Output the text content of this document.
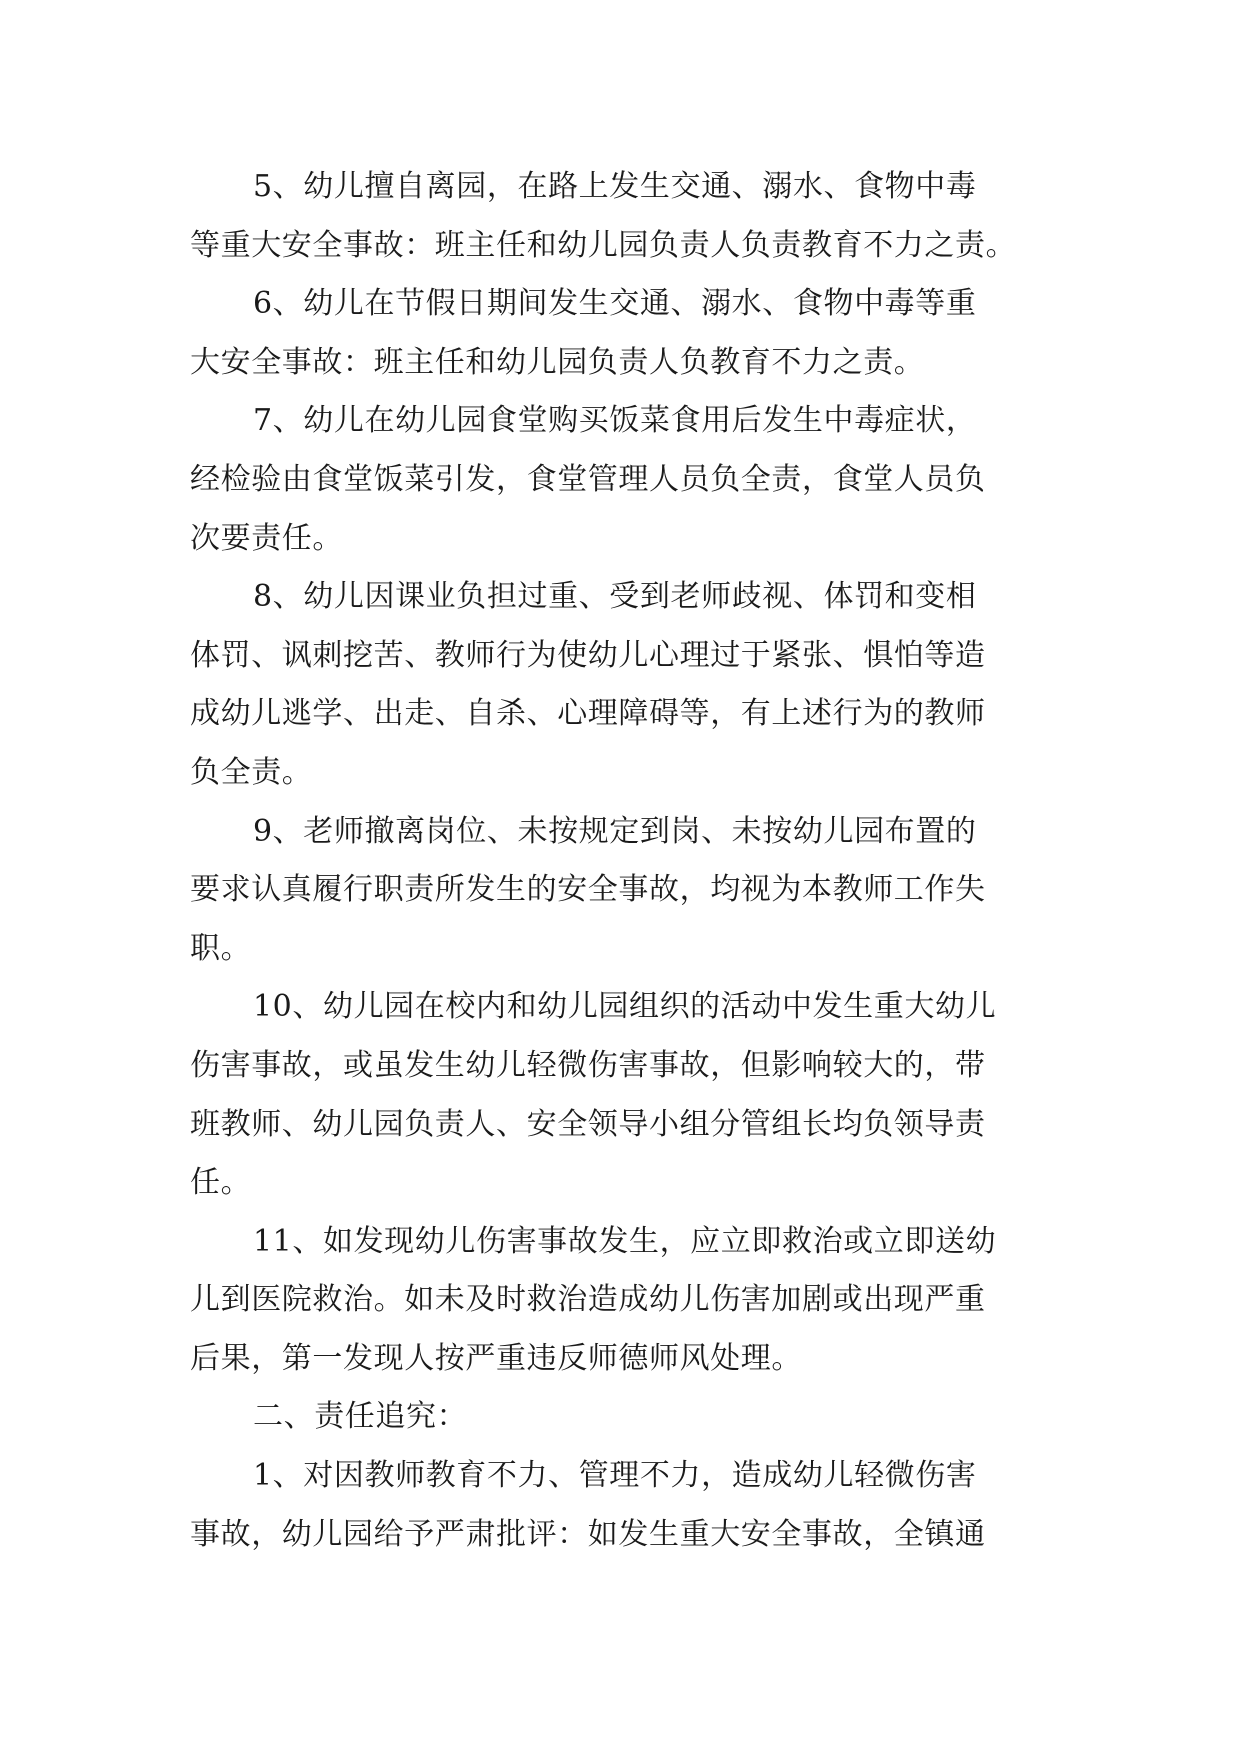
5、幼儿擅自离园，在路上发生交通、溺水、食物中毒
等重大安全事故：班主任和幼儿园负责人负责教育不力之责。

6、幼儿在节假日期间发生交通、溺水、食物中毒等重
大安全事故：班主任和幼儿园负责人负教育不力之责。

7、幼儿在幼儿园食堂购买饭菜食用后发生中毒症状，
经检验由食堂饭菜引发，食堂管理人员负全责，食堂人员负
次要责任。

8、幼儿因课业负担过重、受到老师歧视、体罚和变相
体罚、讽刺挖苦、教师行为使幼儿心理过于紧张、惧怕等造
成幼儿逃学、出走、自杀、心理障碍等，有上述行为的教师
负全责。

9、老师撤离岗位、未按规定到岗、未按幼儿园布置的
要求认真履行职责所发生的安全事故，均视为本教师工作失
职。

10、幼儿园在校内和幼儿园组织的活动中发生重大幼儿
伤害事故，或虽发生幼儿轻微伤害事故，但影响较大的，带
班教师、幼儿园负责人、安全领导小组分管组长均负领导责
任。

11、如发现幼儿伤害事故发生，应立即救治或立即送幼
儿到医院救治。如未及时救治造成幼儿伤害加剧或出现严重
后果，第一发现人按严重违反师德师风处理。

二、责任追究：

1、对因教师教育不力、管理不力，造成幼儿轻微伤害
事故，幼儿园给予严肃批评：如发生重大安全事故，全镇通
